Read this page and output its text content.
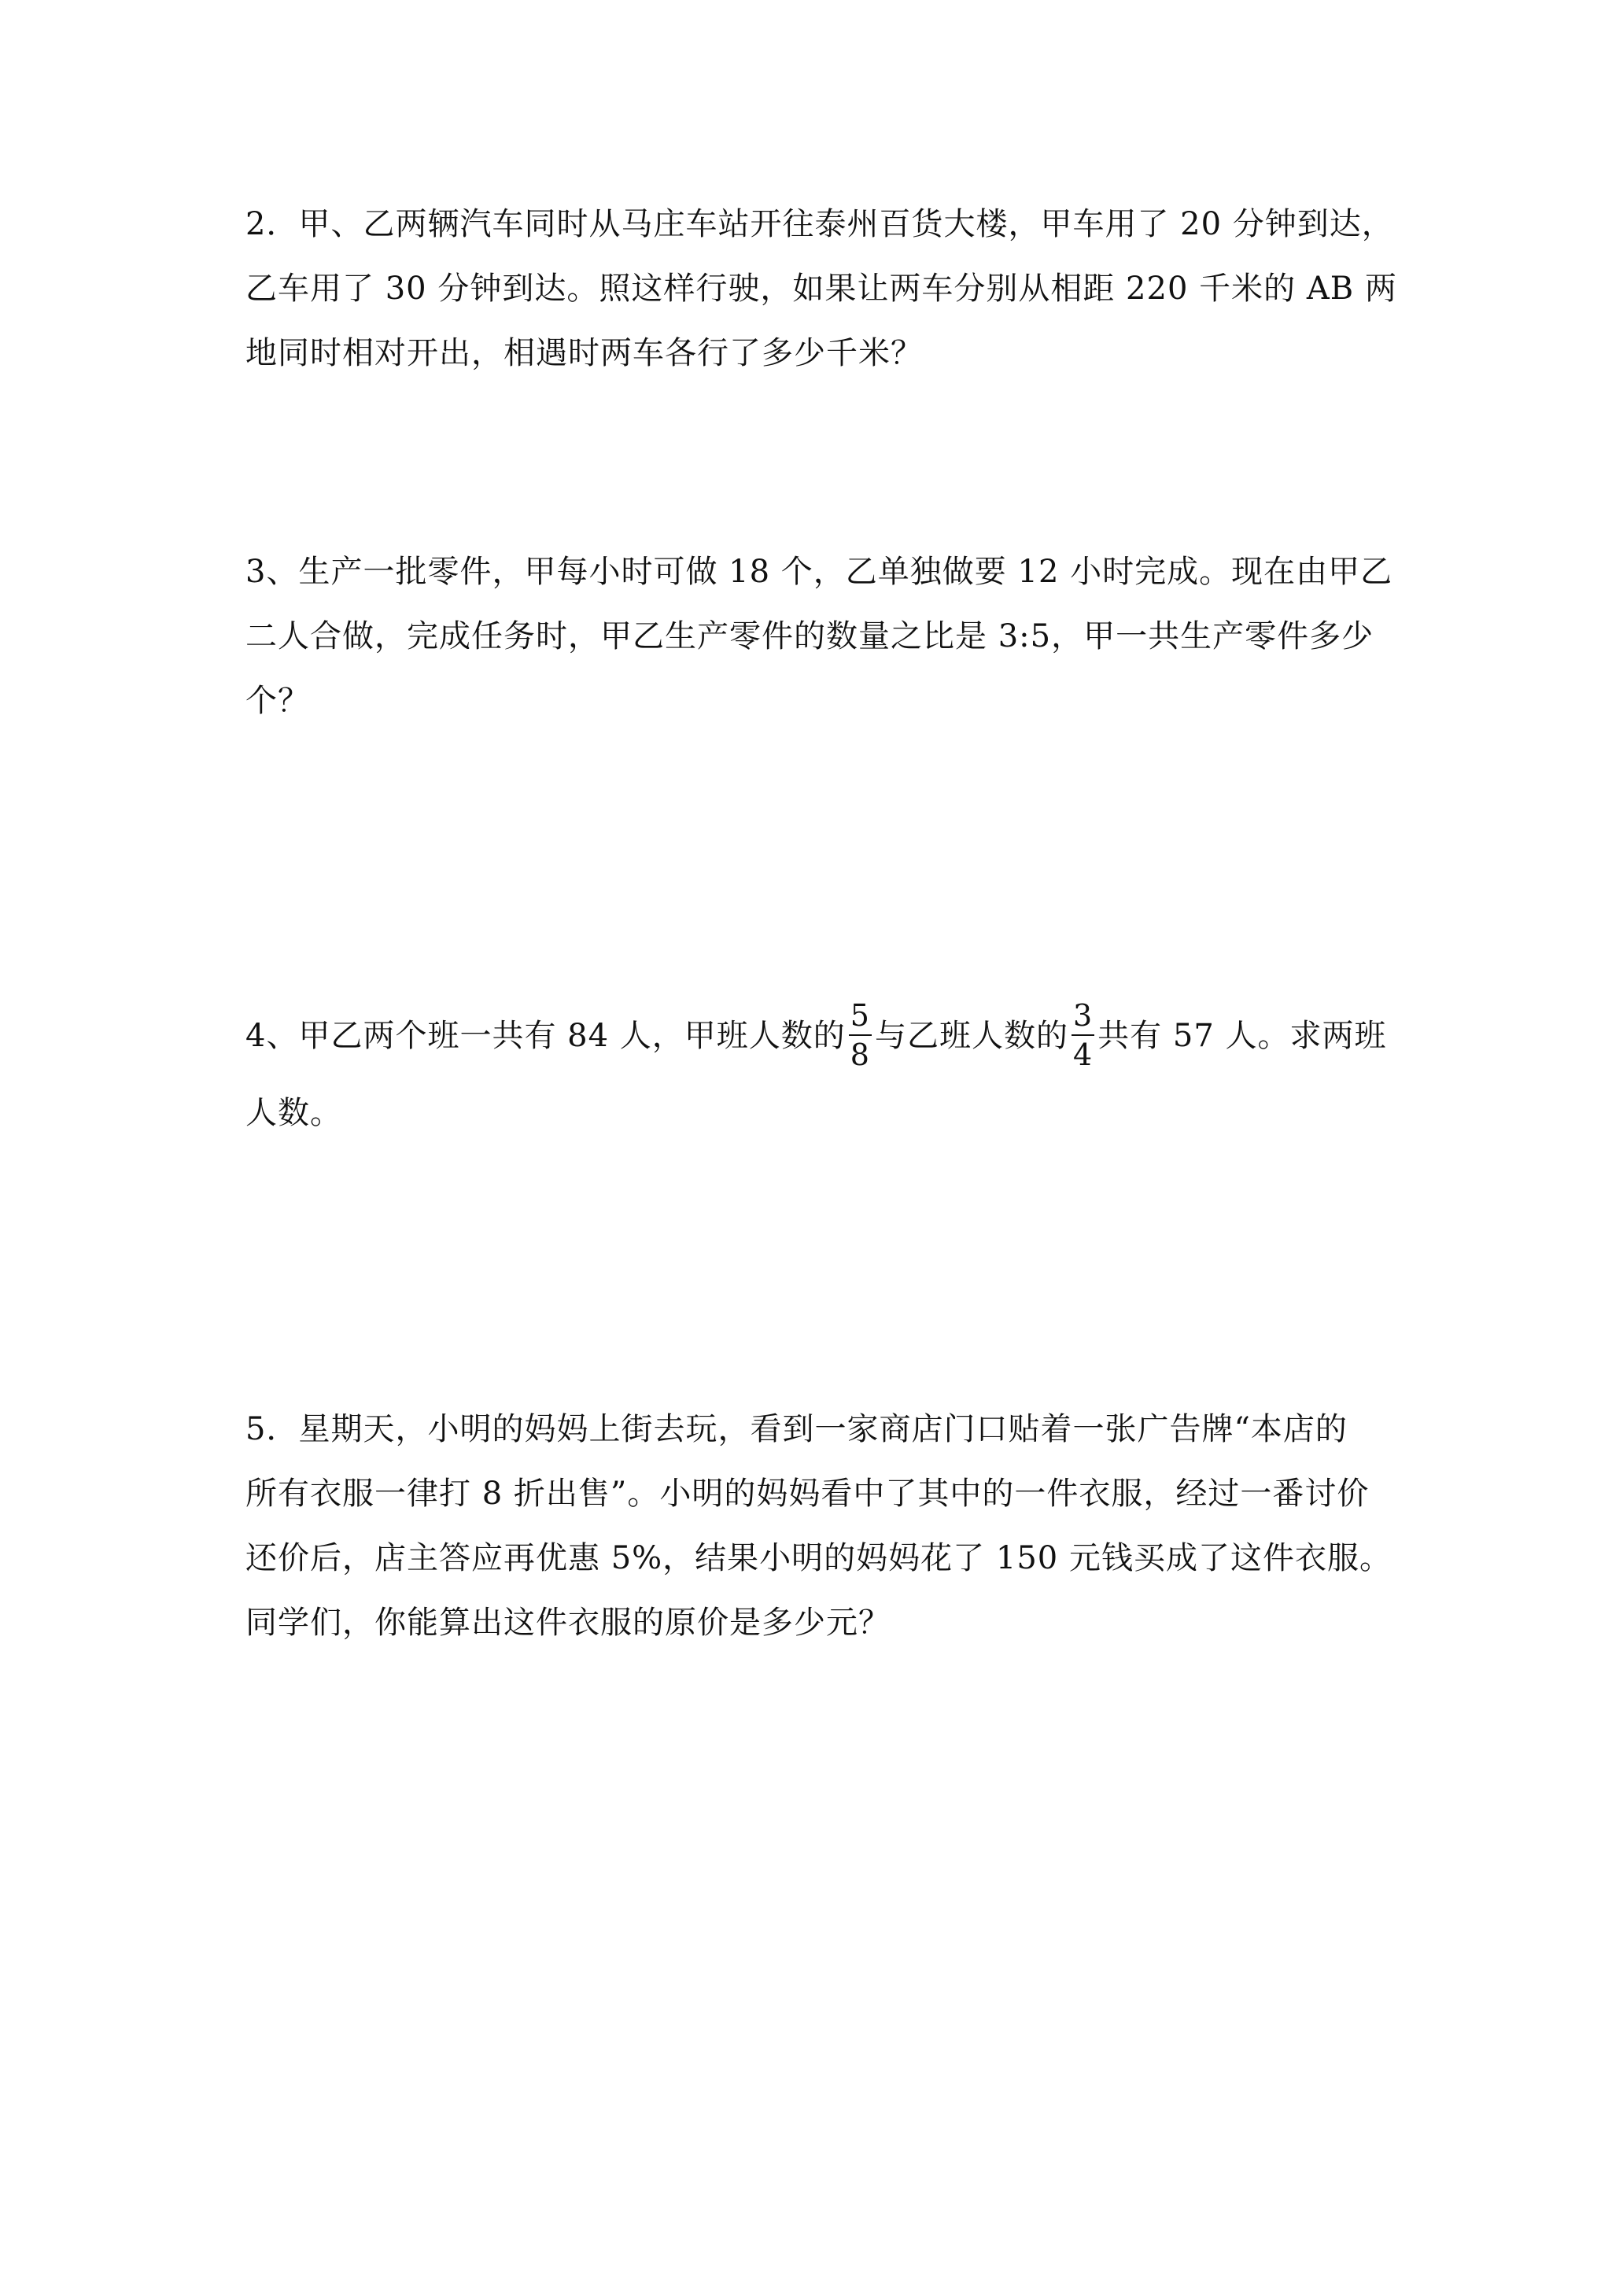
2．甲、乙两辆汽车同时从马庄车站开往泰州百货大楼，甲车用了 20 分钟到达，

乙车用了 30 分钟到达。照这样行驶，如果让两车分别从相距 220 千米的 AB 两

地同时相对开出，相遇时两车各行了多少千米？

3、生产一批零件，甲每小时可做 18 个，乙单独做要 12 小时完成。现在由甲乙

二人合做，完成任务时，甲乙生产零件的数量之比是 3:5，甲一共生产零件多少

个？

4、甲乙两个班一共有 84 人，甲班人数的 $\frac{5}{8}$ 与乙班人数的 $\frac{3}{4}$ 共有 57 人。求两班

人数。

5．星期天，小明的妈妈上街去玩，看到一家商店门口贴着一张广告牌“本店的

所有衣服一律打 8 折出售”。小明的妈妈看中了其中的一件衣服，经过一番讨价

还价后，店主答应再优惠 5%，结果小明的妈妈花了 150 元钱买成了这件衣服。

同学们，你能算出这件衣服的原价是多少元？
